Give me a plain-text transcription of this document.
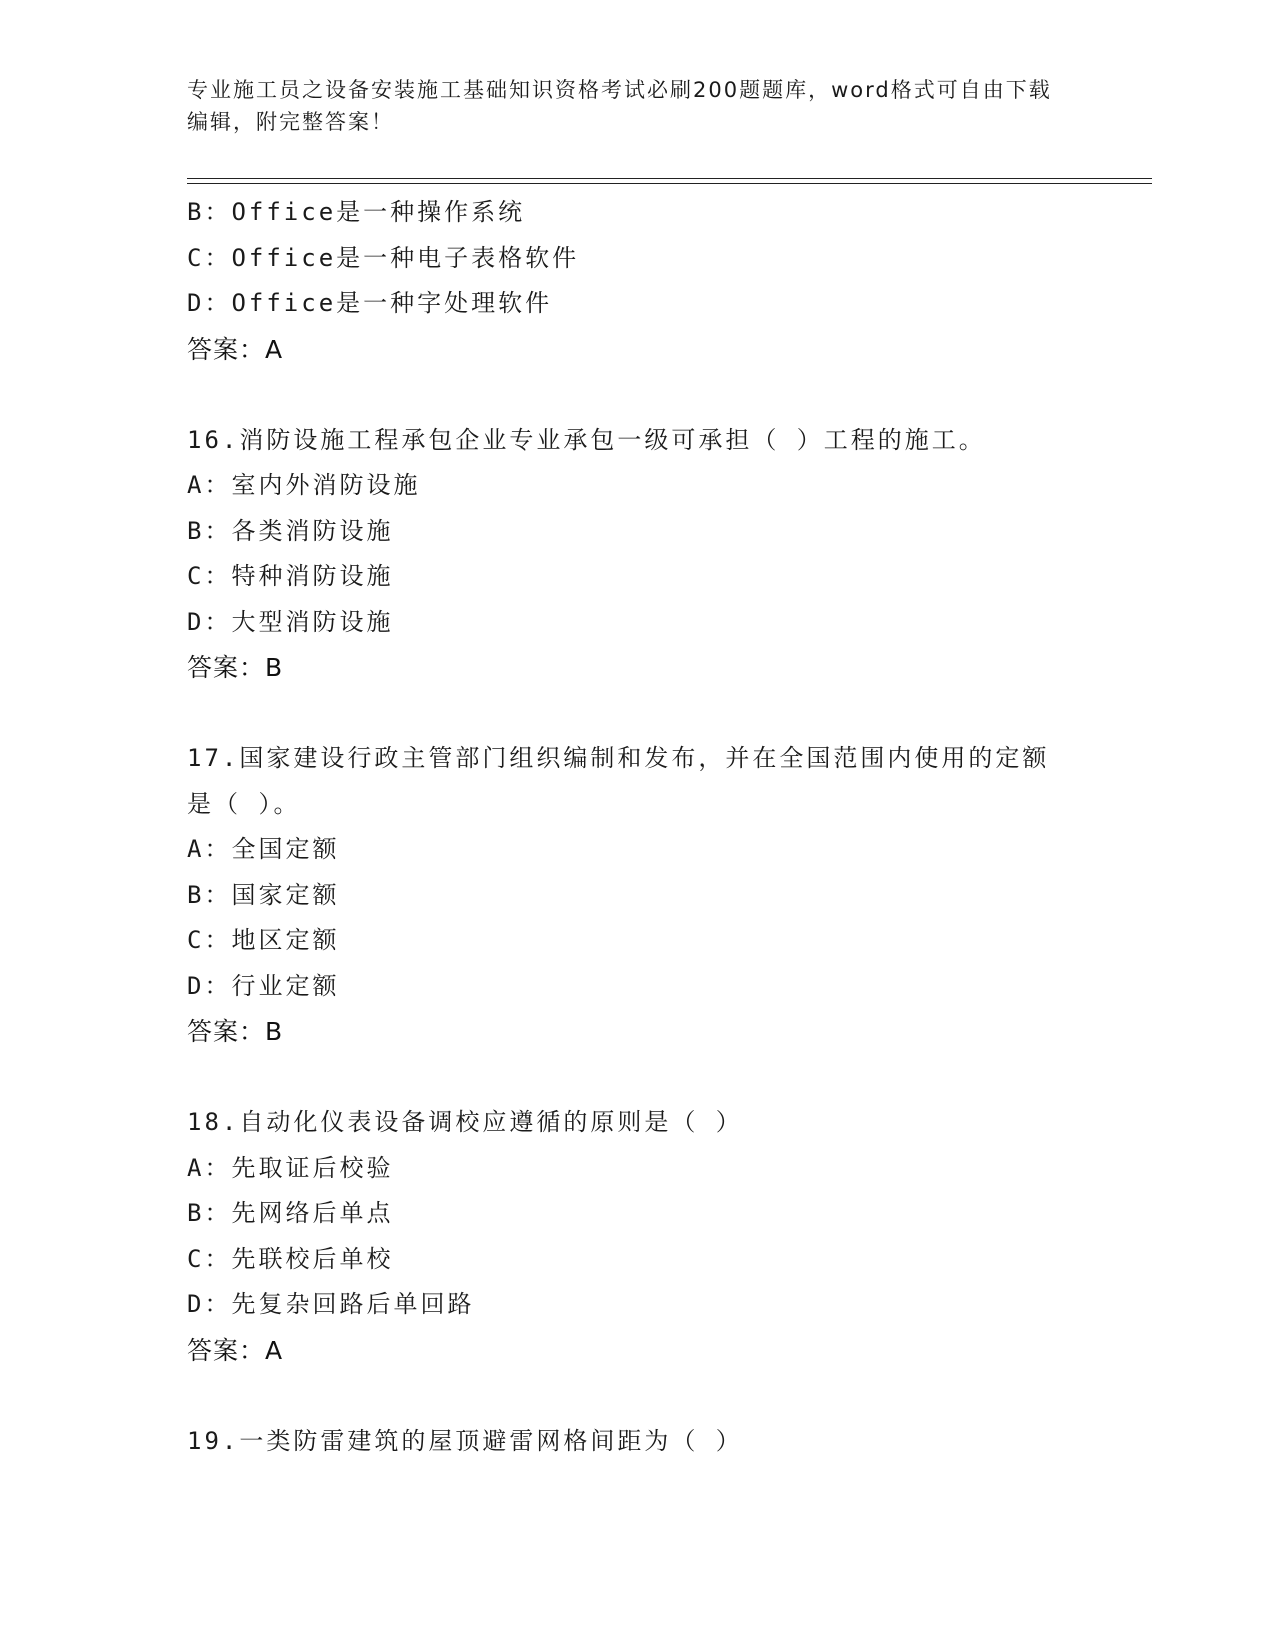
专业施工员之设备安装施工基础知识资格考试必刷200题题库，word格式可自由下载编辑，附完整答案！
B：Office是一种操作系统
C：Office是一种电子表格软件
D：Office是一种字处理软件
答案：A
16.消防设施工程承包企业专业承包一级可承担（ ）工程的施工。
A：室内外消防设施
B：各类消防设施
C：特种消防设施
D：大型消防设施
答案：B
17.国家建设行政主管部门组织编制和发布，并在全国范围内使用的定额是（ ）。
A：全国定额
B：国家定额
C：地区定额
D：行业定额
答案：B
18.自动化仪表设备调校应遵循的原则是（ ）
A：先取证后校验
B：先网络后单点
C：先联校后单校
D：先复杂回路后单回路
答案：A
19.一类防雷建筑的屋顶避雷网格间距为（ ）
